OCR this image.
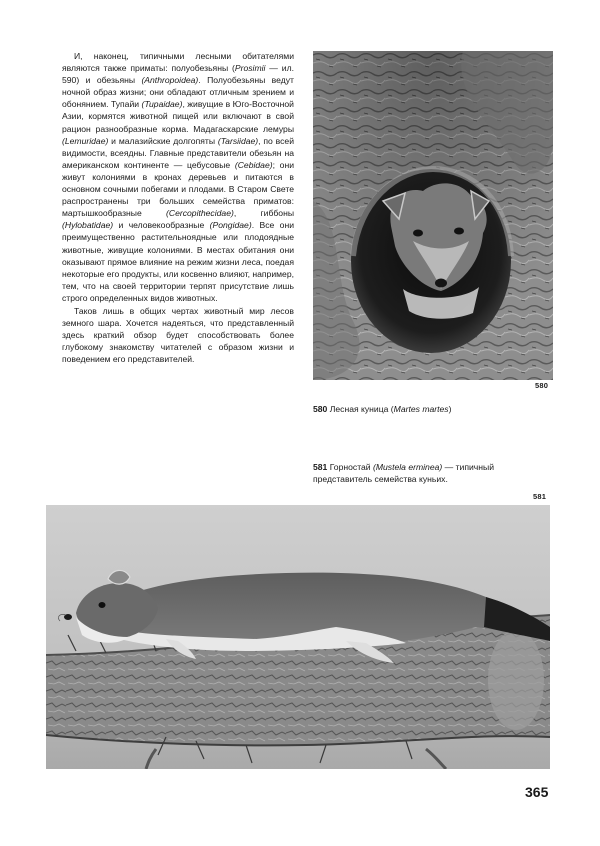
И, наконец, типичными лесными обитателями являются также приматы: полуобезьяны (Prosimii — ил. 590) и обезьяны (Anthropoidea). Полуобезьяны ведут ночной образ жизни; они обладают отличным зрением и обонянием. Тупайи (Tupaidae), живущие в Юго-Восточной Азии, кормятся животной пищей или включают в свой рацион разнообразные корма. Мадагаскарские лемуры (Lemuridae) и малазийские долгопяты (Tarsiidae), по всей видимости, всеядны. Главные представители обезьян на американском континенте — цебусовые (Cebidae); они живут колониями в кронах деревьев и питаются в основном сочными побегами и плодами. В Старом Свете распространены три больших семейства приматов: мартышкообразные (Cercopithecidae), гиббоны (Hylobatidae) и человекообразные (Pongidae). Все они преимущественно растительноядные или плодоядные животные, живущие колониями. В местах обитания они оказывают прямое влияние на режим жизни леса, поедая некоторые его продукты, или косвенно влияют, например, тем, что на своей территории терпят присутствие лишь строго определенных видов животных.

Таков лишь в общих чертах животный мир лесов земного шара. Хочется надеяться, что представленный здесь краткий обзор будет способствовать более глубокому знакомству читателей с образом жизни и поведением его представителей.

580
580 Лесная куница (Martes martes)
581 Горностай (Mustela erminea) — типичный представитель семейства куньих.
581
365
